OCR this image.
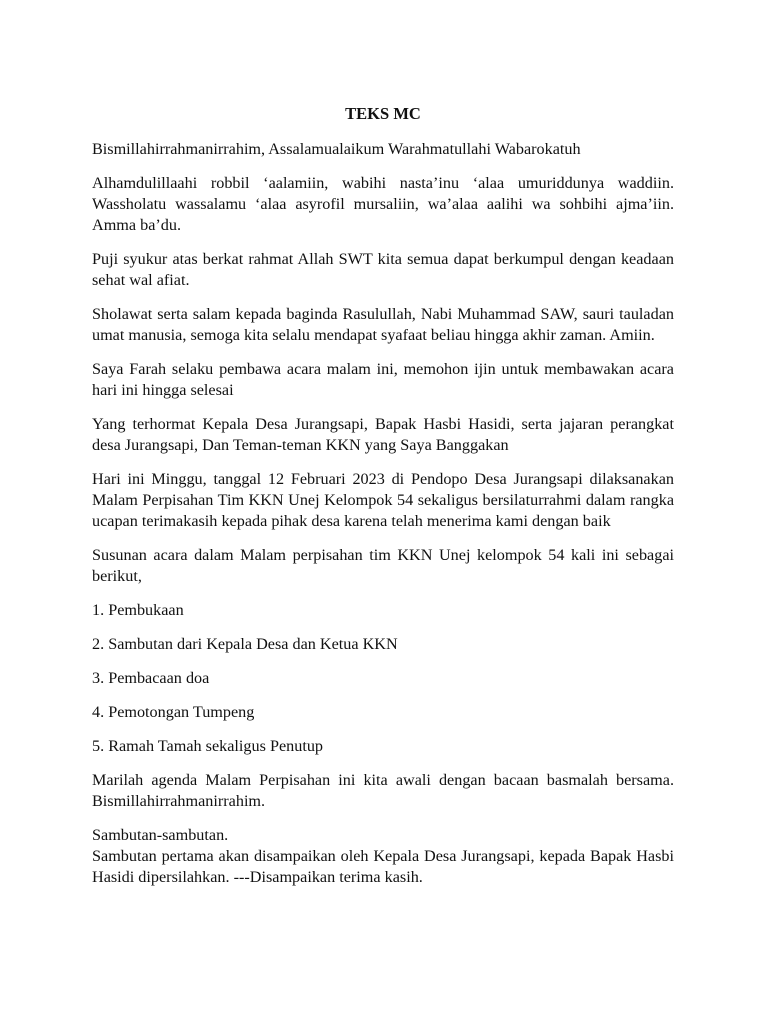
TEKS MC

Bismillahirrahmanirrahim, Assalamualaikum Warahmatullahi Wabarokatuh

Alhamdulillaahi robbil ‘aalamiin, wabihi nasta’inu ‘alaa umuriddunya waddiin. Wassholatu wassalamu ‘alaa asyrofil mursaliin, wa’alaa aalihi wa sohbihi ajma’iin. Amma ba’du.

Puji syukur atas berkat rahmat Allah SWT kita semua dapat berkumpul dengan keadaan sehat wal afiat.

Sholawat serta salam kepada baginda Rasulullah, Nabi Muhammad SAW, sauri tauladan umat manusia, semoga kita selalu mendapat syafaat beliau hingga akhir zaman. Amiin.

Saya Farah selaku pembawa acara malam ini, memohon ijin untuk membawakan acara hari ini hingga selesai

Yang terhormat Kepala Desa Jurangsapi, Bapak Hasbi Hasidi, serta jajaran perangkat desa Jurangsapi, Dan Teman-teman KKN yang Saya Banggakan

Hari ini Minggu, tanggal 12 Februari 2023 di Pendopo Desa Jurangsapi dilaksanakan Malam Perpisahan Tim KKN Unej Kelompok 54 sekaligus bersilaturrahmi dalam rangka ucapan terimakasih kepada pihak desa karena telah menerima kami dengan baik

Susunan acara dalam Malam perpisahan tim KKN Unej kelompok 54 kali ini sebagai berikut,

1. Pembukaan

2. Sambutan dari Kepala Desa dan Ketua KKN

3. Pembacaan doa

4. Pemotongan Tumpeng

5. Ramah Tamah sekaligus Penutup

Marilah agenda Malam Perpisahan ini kita awali dengan bacaan basmalah bersama. Bismillahirrahmanirrahim.

Sambutan-sambutan.

Sambutan pertama akan disampaikan oleh Kepala Desa Jurangsapi, kepada Bapak Hasbi Hasidi dipersilahkan. ---Disampaikan terima kasih.
